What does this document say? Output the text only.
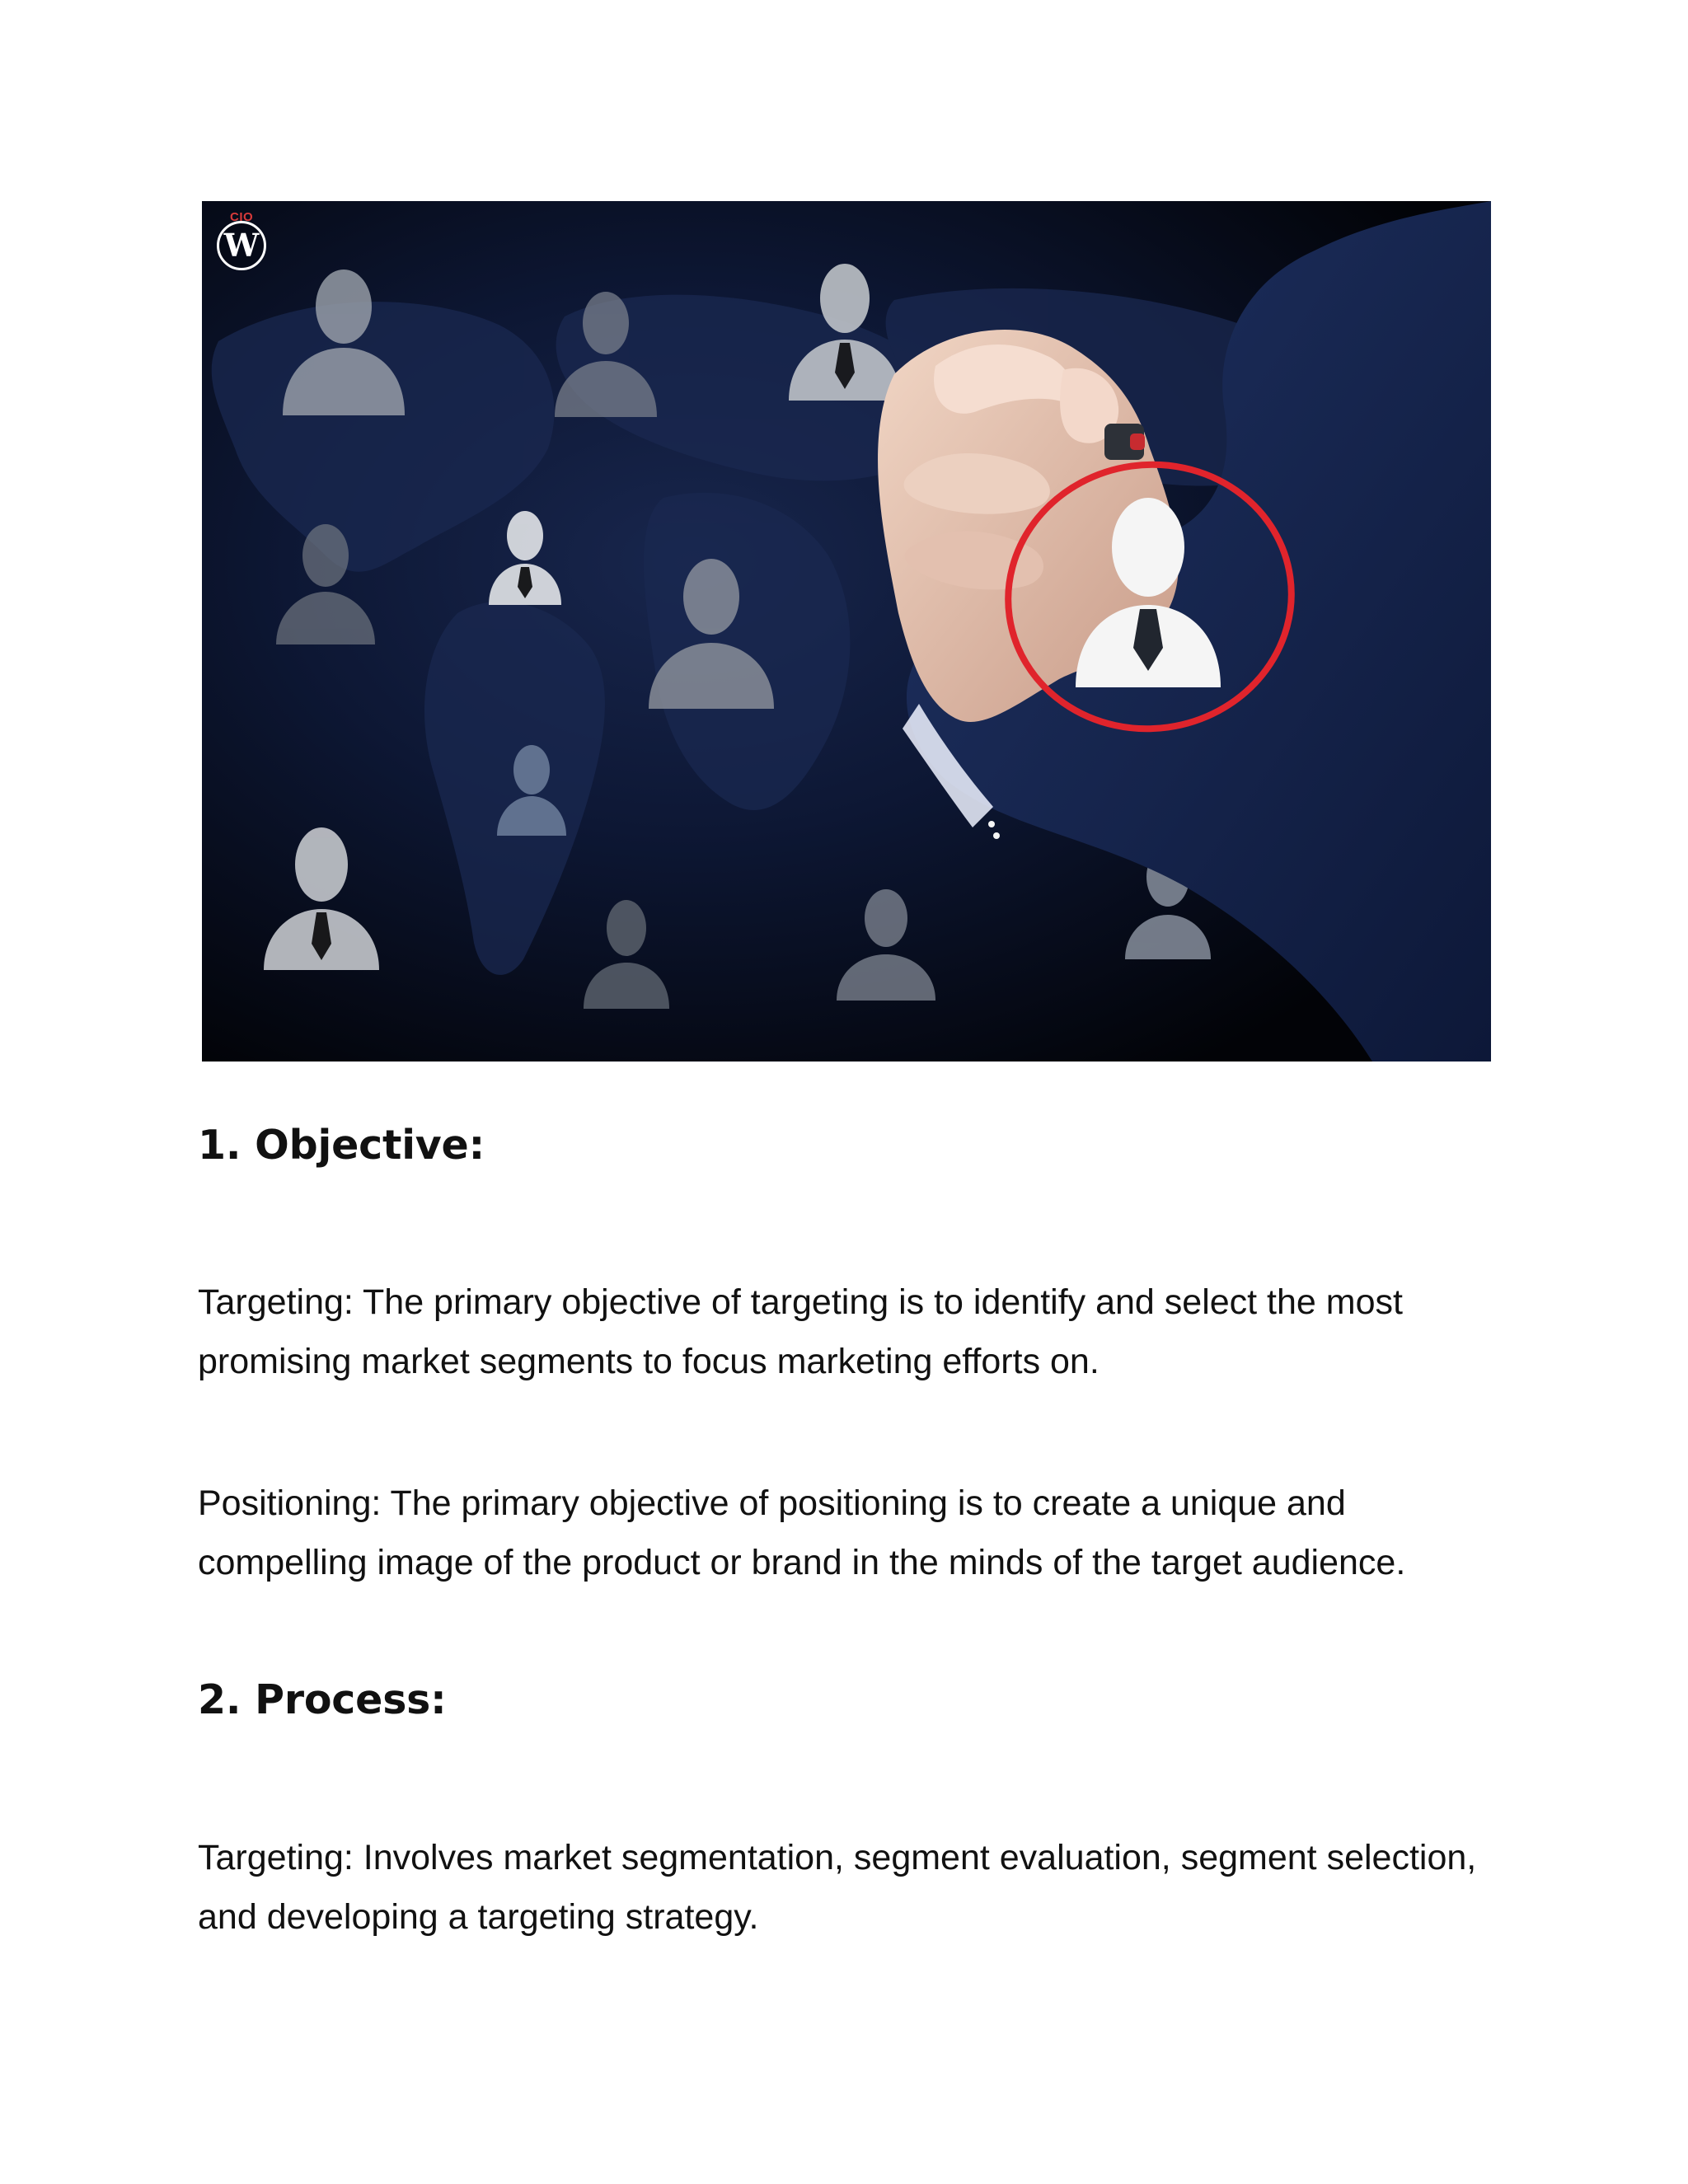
CIO
W
1. Objective:

Targeting: The primary objective of targeting is to identify and select the most promising market segments to focus marketing efforts on.

Positioning: The primary objective of positioning is to create a unique and compelling image of the product or brand in the minds of the target audience.

2. Process:

Targeting: Involves market segmentation, segment evaluation, segment selection, and developing a targeting strategy.
